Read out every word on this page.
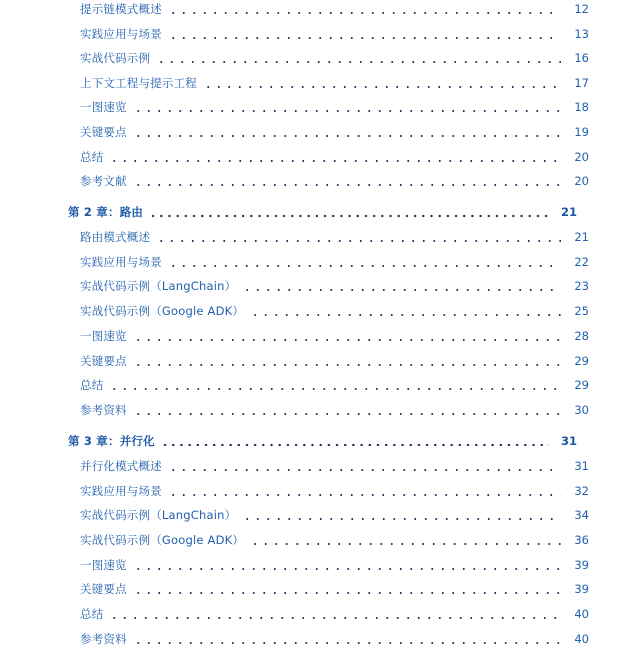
提示链模式概述	12
实践应用与场景	13
实战代码示例	16
上下文工程与提示工程	17
一图速览	18
关键要点	19
总结	20
参考文献	20
第 2 章：路由	21
路由模式概述	21
实践应用与场景	22
实战代码示例（LangChain）	23
实战代码示例（Google ADK）	25
一图速览	28
关键要点	29
总结	29
参考资料	30
第 3 章：并行化	31
并行化模式概述	31
实践应用与场景	32
实战代码示例（LangChain）	34
实战代码示例（Google ADK）	36
一图速览	39
关键要点	39
总结	40
参考资料	40
